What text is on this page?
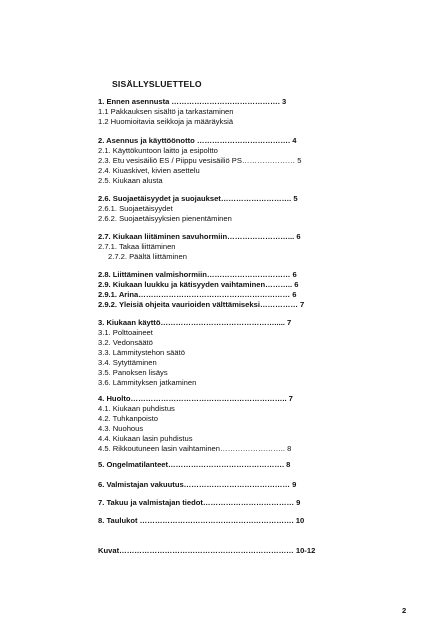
SISÄLLYSLUETTELO
1. Ennen asennusta ……………………………………. 3
1.1 Pakkauksen sisältö ja tarkastaminen
1.2 Huomioitavia seikkoja ja määräyksiä
2. Asennus ja käyttöönotto ………………………………. 4
2.1. Käyttökuntoon laitto ja esipoltto
2.3. Etu vesisäiliö ES / Piippu vesisäiliö PS………………… 5
2.4. Kiuaskivet, kivien asettelu
2.5. Kiukaan alusta
2.6. Suojaetäisyydet ja suojaukset………………………. 5
2.6.1. Suojaetäisyydet
2.6.2. Suojaetäisyyksien pienentäminen
2.7. Kiukaan liitäminen savuhormiin……………………... 6
2.7.1. Takaa liittäminen
2.7.2. Päältä liittäminen
2.8. Liittäminen valmishormiin…………………………… 6
2.9. Kiukaan luukku ja kätisyyden vaihtaminen……….. 6
2.9.1. Arina…………………………………………………… 6
2.9.2. Yleisiä ohjeita vaurioiden välttämiseksi…………… 7
3. Kiukaan käyttö………………………………………..... 7
3.1. Polttoaineet
3.2. Vedonsäätö
3.3. Lämmitystehon säätö
3.4. Sytyttäminen
3.5. Panoksen lisäys
3.6. Lämmityksen jatkaminen
4. Huolto…………………………………………………….. 7
4.1. Kiukaan puhdistus
4.2. Tuhkanpoisto
4.3. Nuohous
4.4. Kiukaan lasin puhdistus
4.5. Rikkoutuneen lasin vaihtaminen…………………….. 8
5. Ongelmatilanteet………………………………………. 8
6. Valmistajan vakuutus…………………………………… 9
7. Takuu ja valmistajan tiedot……………………………… 9
8. Taulukot ……………………………………………………. 10
Kuvat…………………………………………………………… 10-12
2
